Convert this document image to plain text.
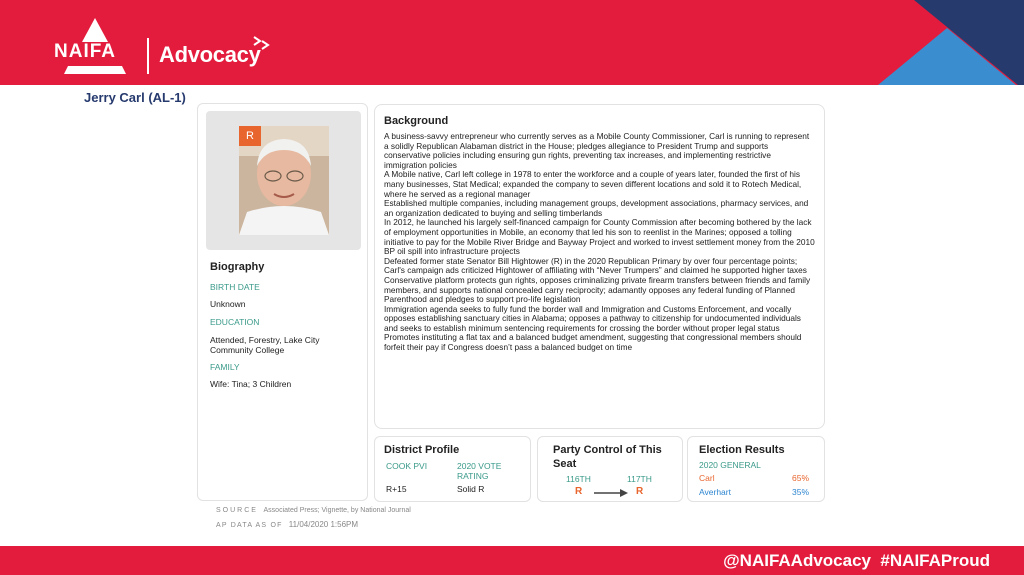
NAIFA Advocacy
Jerry Carl (AL-1)
R
Biography
BIRTH DATE
Unknown
EDUCATION
Attended, Forestry, Lake City Community College
FAMILY
Wife: Tina; 3 Children
Background

A business-savvy entrepreneur who currently serves as a Mobile County Commissioner, Carl is running to represent a solidly Republican Alabaman district in the House; pledges allegiance to President Trump and supports conservative policies including ensuring gun rights, preventing tax increases, and implementing restrictive immigration policies

A Mobile native, Carl left college in 1978 to enter the workforce and a couple of years later, founded the first of his many businesses, Stat Medical; expanded the company to seven different locations and sold it to Rotech Medical, where he served as a regional manager

Established multiple companies, including management groups, development associations, pharmacy services, and an organization dedicated to buying and selling timberlands

In 2012, he launched his largely self-financed campaign for County Commission after becoming bothered by the lack of employment opportunities in Mobile, an economy that led his son to reenlist in the Marines; opposed a tolling initiative to pay for the Mobile River Bridge and Bayway Project and worked to invest settlement money from the 2010 BP oil spill into infrastructure projects

Defeated former state Senator Bill Hightower (R) in the 2020 Republican Primary by over four percentage points; Carl's campaign ads criticized Hightower of affiliating with “Never Trumpers” and claimed he supported higher taxes

Conservative platform protects gun rights, opposes criminalizing private firearm transfers between friends and family members, and supports national concealed carry reciprocity; adamantly opposes any federal funding of Planned Parenthood and pledges to support pro-life legislation

Immigration agenda seeks to fully fund the border wall and Immigration and Customs Enforcement, and vocally opposes establishing sanctuary cities in Alabama; opposes a pathway to citizenship for undocumented individuals and seeks to establish minimum sentencing requirements for crossing the border without proper legal status

Promotes instituting a flat tax and a balanced budget amendment, suggesting that congressional members should forfeit their pay if Congress doesn’t pass a balanced budget on time

District Profile
COOK PVI	2020 VOTE RATING
R+15	Solid R
Party Control of This Seat
116TH	117TH
R	R
Election Results
2020 GENERAL
Carl	65%
Averhart	35%
SOURCE Associated Press; Vignette, by National Journal
AP DATA AS OF 11/04/2020 1:56PM
@NAIFAAdvocacy  #NAIFAProud
